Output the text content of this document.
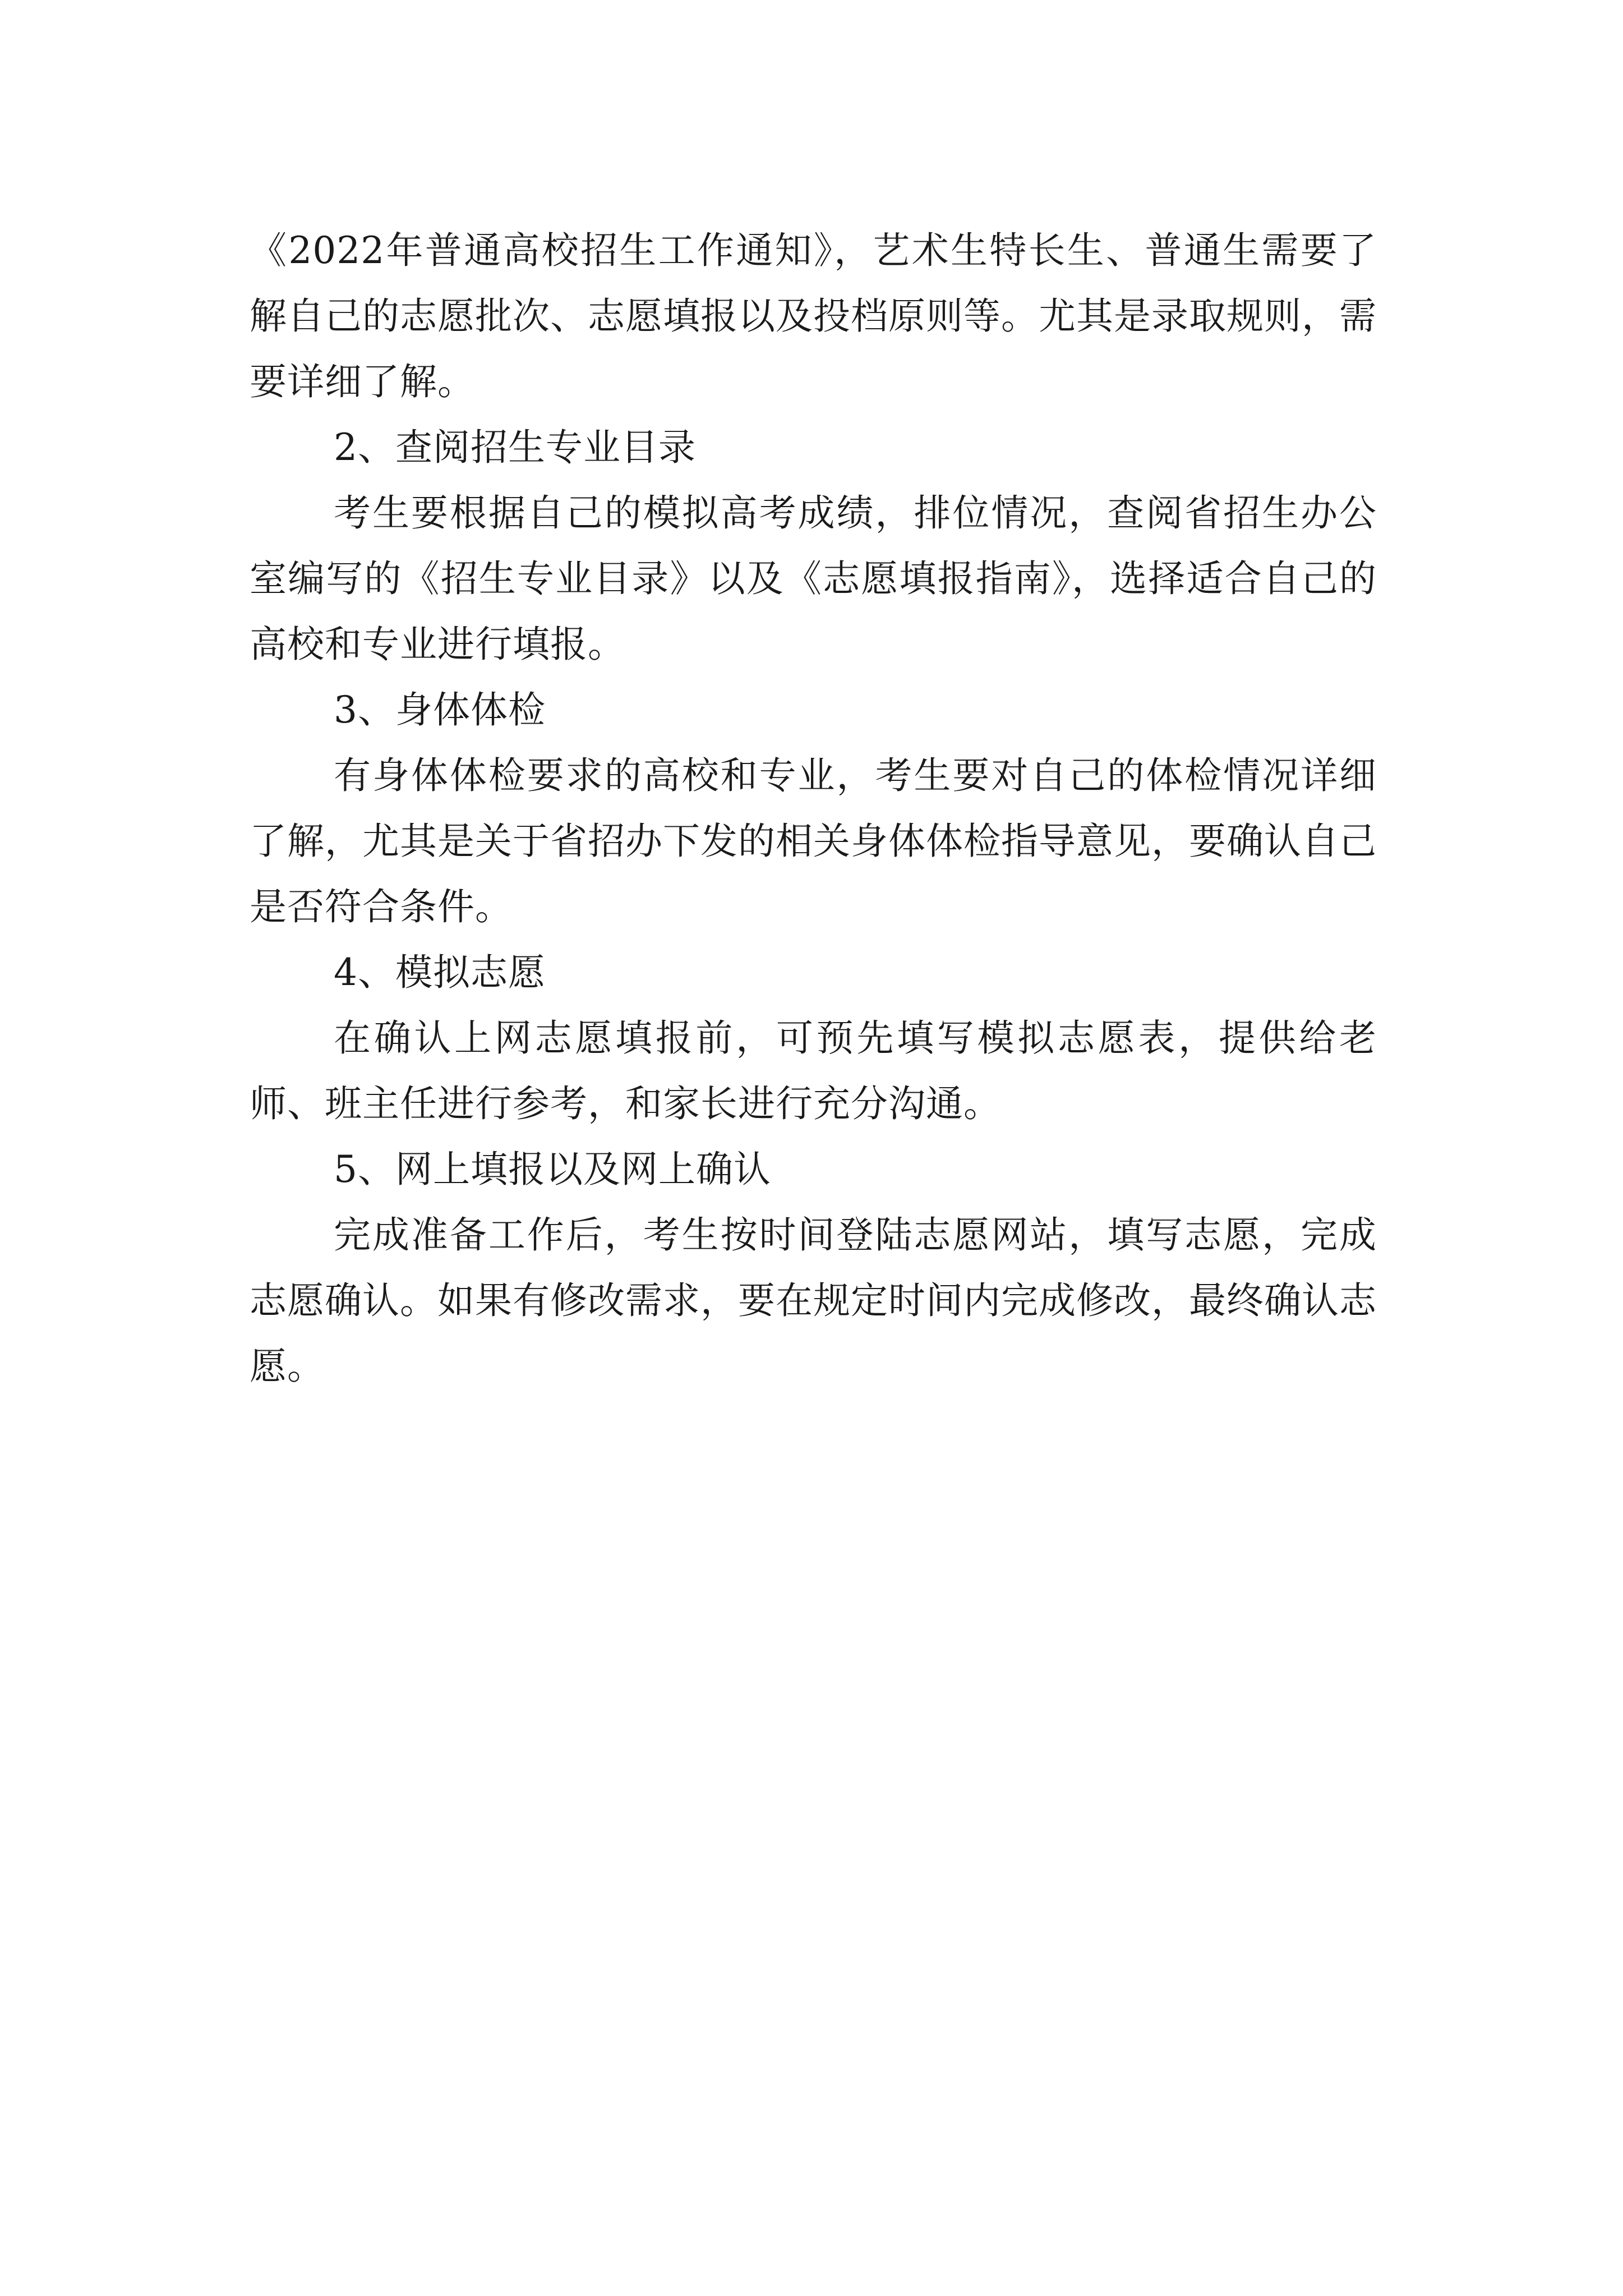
《2022年普通高校招生工作通知》，艺术生特长生、普通生需要了解自己的志愿批次、志愿填报以及投档原则等。尤其是录取规则，需要详细了解。

2、查阅招生专业目录

考生要根据自己的模拟高考成绩，排位情况，查阅省招生办公室编写的《招生专业目录》以及《志愿填报指南》，选择适合自己的高校和专业进行填报。

3、身体体检

有身体体检要求的高校和专业，考生要对自己的体检情况详细了解，尤其是关于省招办下发的相关身体体检指导意见，要确认自己是否符合条件。

4、模拟志愿

在确认上网志愿填报前，可预先填写模拟志愿表，提供给老师、班主任进行参考，和家长进行充分沟通。

5、网上填报以及网上确认

完成准备工作后，考生按时间登陆志愿网站，填写志愿，完成志愿确认。如果有修改需求，要在规定时间内完成修改，最终确认志愿。
